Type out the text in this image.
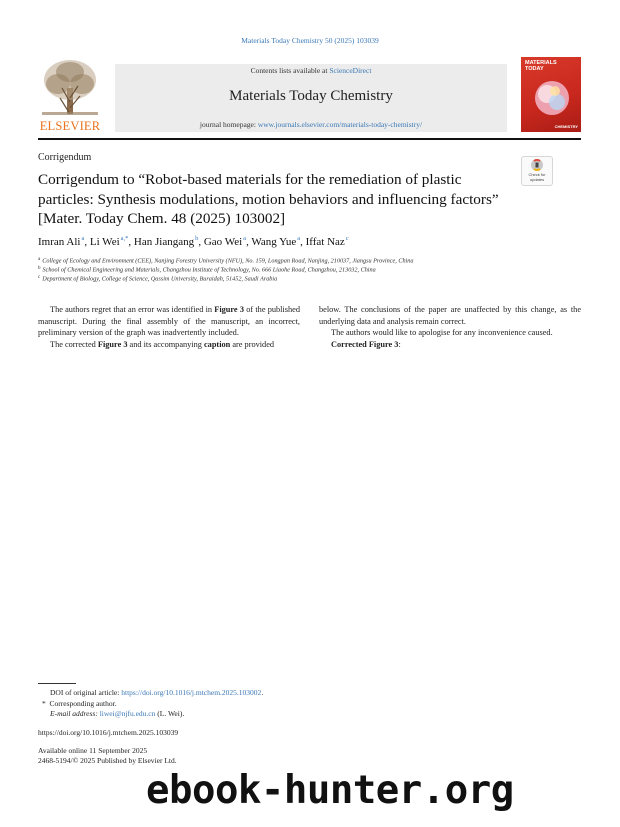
Materials Today Chemistry 50 (2025) 103039
ELSEVIER
Contents lists available at ScienceDirect
Materials Today Chemistry
journal homepage: www.journals.elsevier.com/materials-today-chemistry/
MATERIALS
TODAY
CHEMISTRY
Corrigendum
Corrigendum to “Robot-based materials for the remediation of plastic particles: Synthesis modulations, motion behaviors and influencing factors” [Mater. Today Chem. 48 (2025) 103002]
Check for
updates
Imran Ali$^a$, Li Wei$^{a,*}$, Han Jiangang$^b$, Gao Wei$^a$, Wang Yue$^a$, Iffat Naz$^c$
$^a$ College of Ecology and Environment (CEE), Nanjing Forestry University (NFU), No. 159, Longpan Road, Nanjing, 210037, Jiangsu Province, China
$^b$ School of Chemical Engineering and Materials, Changzhou Institute of Technology, No. 666 Liaohe Road, Changzhou, 213032, China
$^c$ Department of Biology, College of Science, Qassim University, Buraidah, 51452, Saudi Arabia

The authors regret that an error was identified in Figure 3 of the published manuscript. During the final assembly of the manuscript, an incorrect, preliminary version of the graph was inadvertently included.

The corrected Figure 3 and its accompanying caption are provided

below. The conclusions of the paper are unaffected by this change, as the underlying data and analysis remain correct.

The authors would like to apologise for any inconvenience caused.

Corrected Figure 3:

DOI of original article: https://doi.org/10.1016/j.mtchem.2025.103002.
* Corresponding author.
E-mail address: liwei@njfu.edu.cn (L. Wei).
https://doi.org/10.1016/j.mtchem.2025.103039
Available online 11 September 2025
2468-5194/© 2025 Published by Elsevier Ltd.
ebook-hunter.org
